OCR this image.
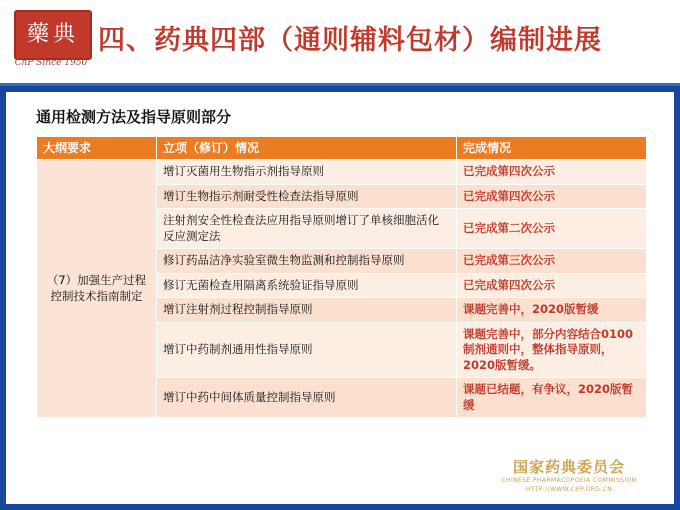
藥典
ChP Since 1950
四、药典四部（通则辅料包材）编制进展
通用检测方法及指导原则部分
大纲要求	立项（修订）情况	完成情况
（7）加强生产过程控制技术指南制定	增订灭菌用生物指示剂指导原则	已完成第四次公示
	增订生物指示剂耐受性检查法指导原则	已完成第四次公示
	注射剂安全性检查法应用指导原则增订了单核细胞活化反应测定法	已完成第二次公示
	修订药品洁净实验室微生物监测和控制指导原则	已完成第三次公示
	修订无菌检查用隔离系统验证指导原则	已完成第四次公示
	增订注射剂过程控制指导原则	课题完善中，2020版暂缓
	增订中药制剂通用性指导原则	课题完善中，部分内容结合0100制剂通则中，整体指导原则，2020版暂缓。
	增订中药中间体质量控制指导原则	课题已结题，有争议，2020版暂缓
国家药典委员会
CHINESE PHARMACOPOEIA COMMISSION
HTTP://WWW.CHP.ORG.CN
